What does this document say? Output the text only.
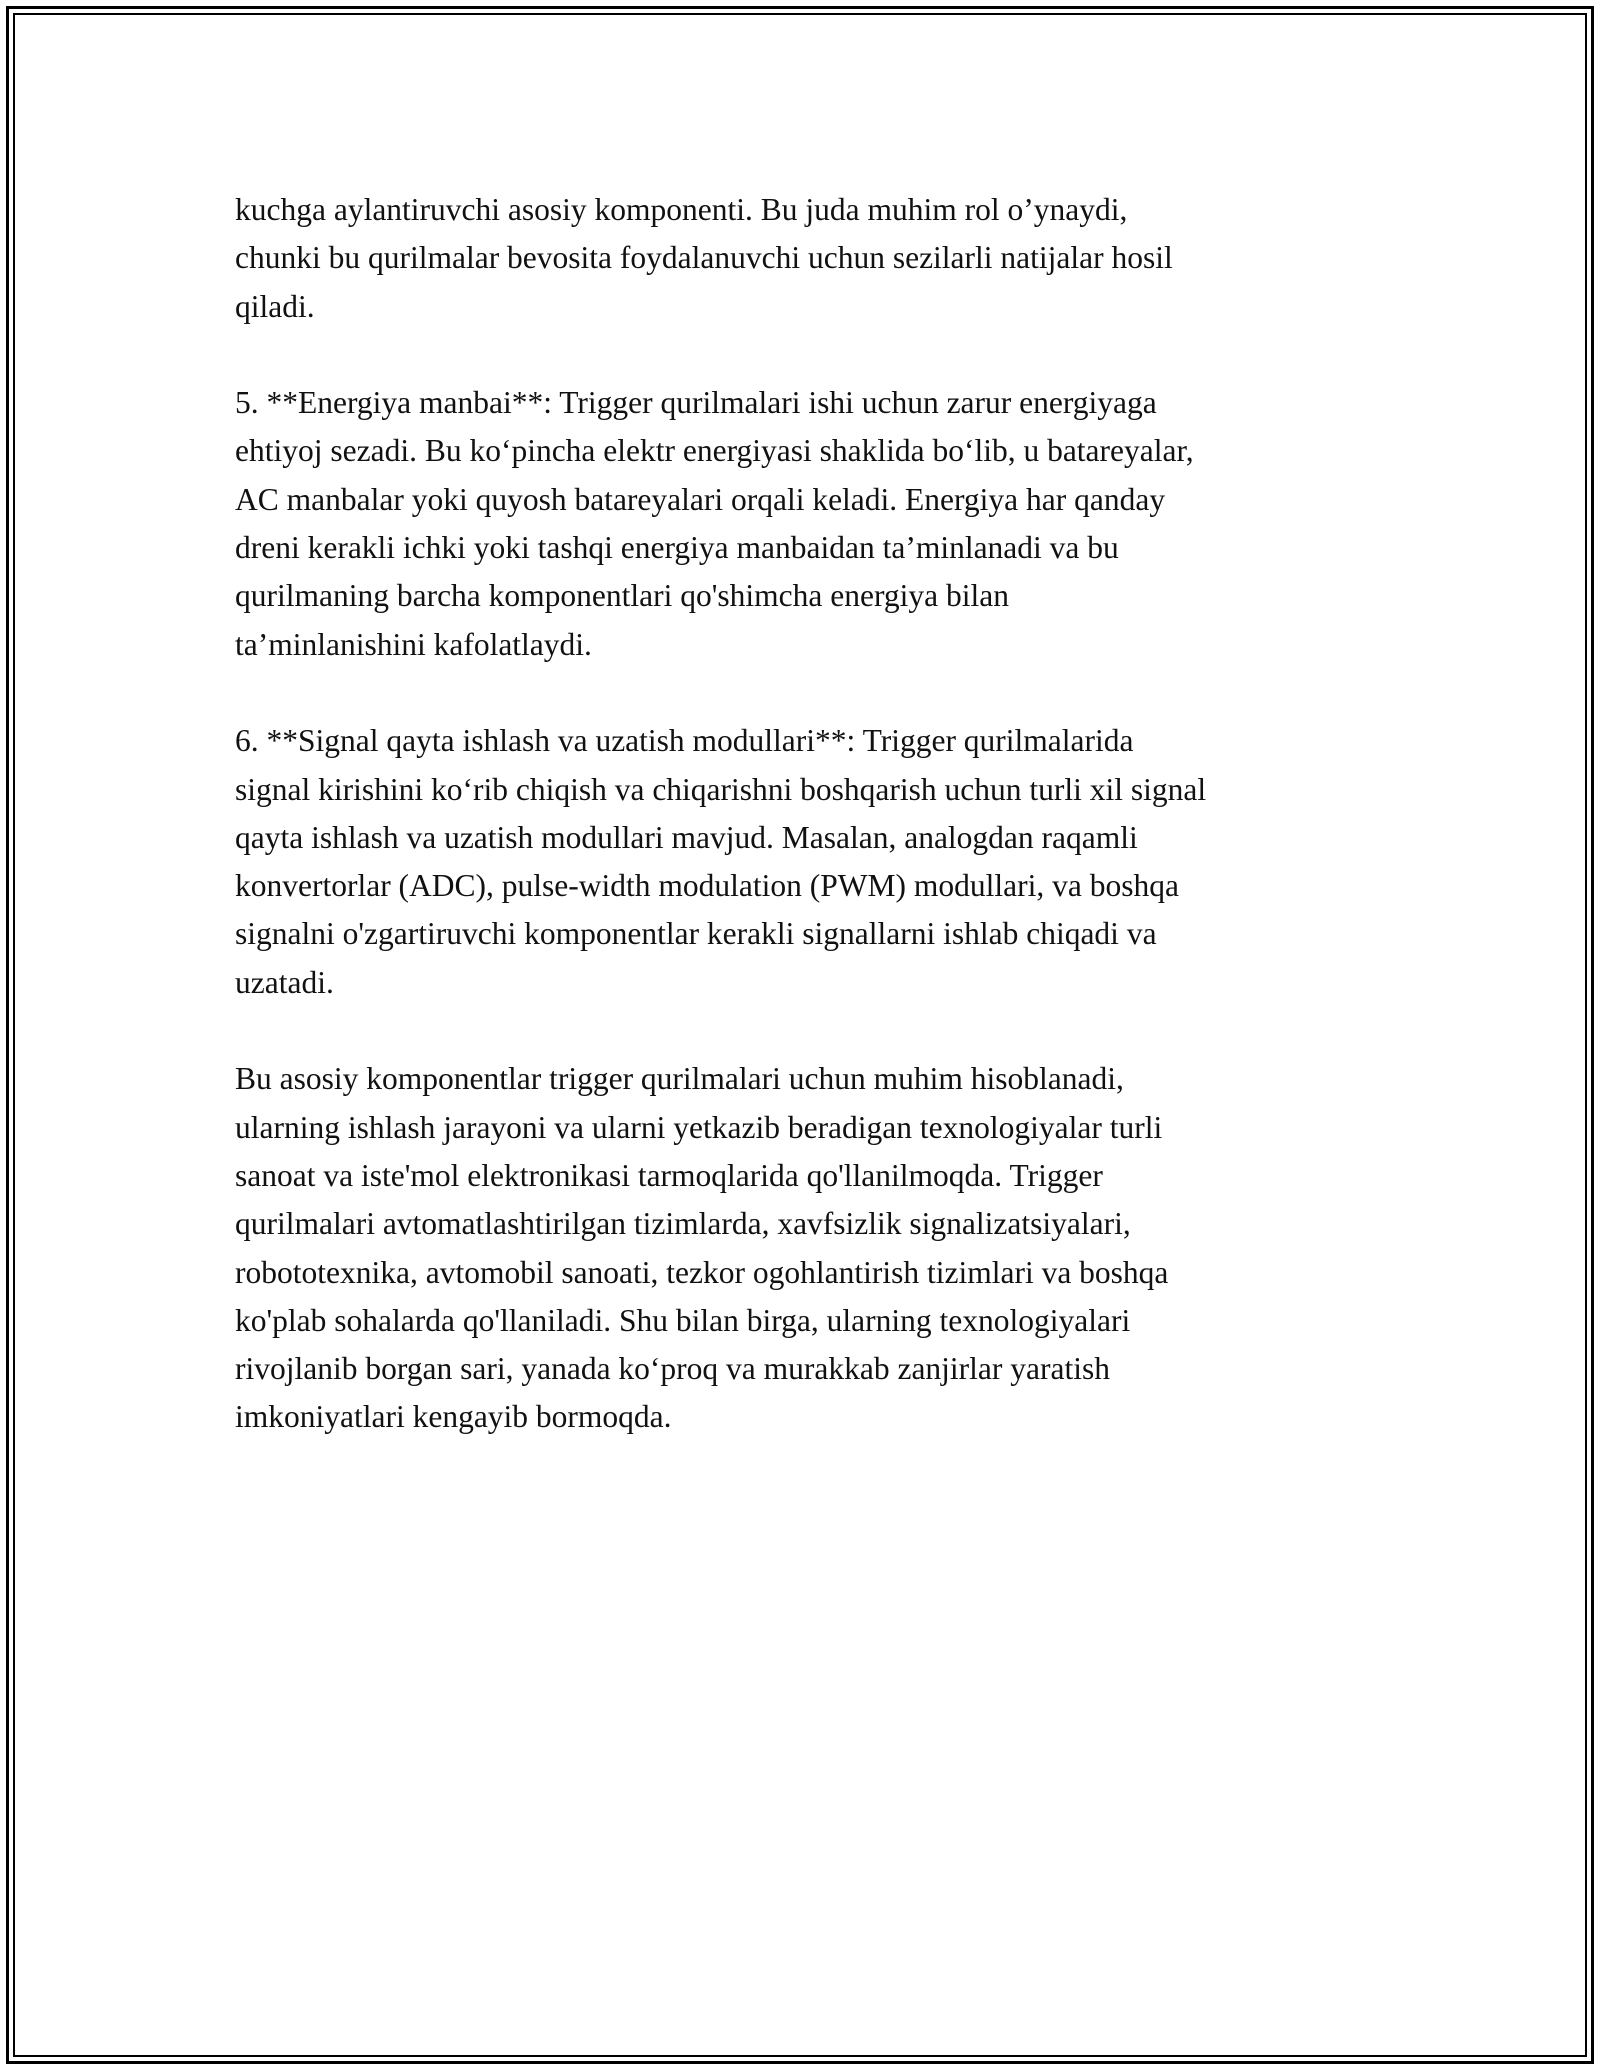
kuchga aylantiruvchi asosiy komponenti. Bu juda muhim rol o’ynaydi,
chunki bu qurilmalar bevosita foydalanuvchi uchun sezilarli natijalar hosil
qiladi.

5. **Energiya manbai**: Trigger qurilmalari ishi uchun zarur energiyaga
ehtiyoj sezadi. Bu ko‘pincha elektr energiyasi shaklida bo‘lib, u batareyalar,
AC manbalar yoki quyosh batareyalari orqali keladi. Energiya har qanday
dreni kerakli ichki yoki tashqi energiya manbaidan ta’minlanadi va bu
qurilmaning barcha komponentlari qo'shimcha energiya bilan
ta’minlanishini kafolatlaydi.

6. **Signal qayta ishlash va uzatish modullari**: Trigger qurilmalarida
signal kirishini ko‘rib chiqish va chiqarishni boshqarish uchun turli xil signal
qayta ishlash va uzatish modullari mavjud. Masalan, analogdan raqamli
konvertorlar (ADC), pulse-width modulation (PWM) modullari, va boshqa
signalni o'zgartiruvchi komponentlar kerakli signallarni ishlab chiqadi va
uzatadi.

Bu asosiy komponentlar trigger qurilmalari uchun muhim hisoblanadi,
ularning ishlash jarayoni va ularni yetkazib beradigan texnologiyalar turli
sanoat va iste'mol elektronikasi tarmoqlarida qo'llanilmoqda. Trigger
qurilmalari avtomatlashtirilgan tizimlarda, xavfsizlik signalizatsiyalari,
robototexnika, avtomobil sanoati, tezkor ogohlantirish tizimlari va boshqa
ko'plab sohalarda qo'llaniladi. Shu bilan birga, ularning texnologiyalari
rivojlanib borgan sari, yanada ko‘proq va murakkab zanjirlar yaratish
imkoniyatlari kengayib bormoqda.
